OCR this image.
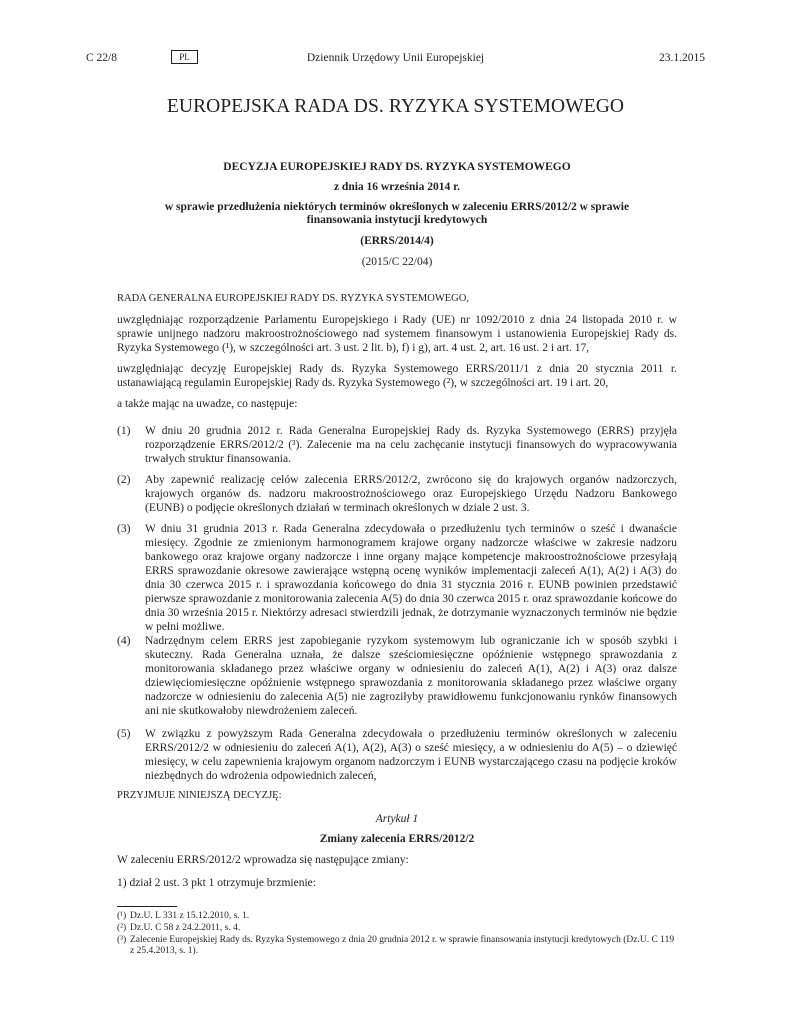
C 22/8	PL	Dziennik Urzędowy Unii Europejskiej	23.1.2015
EUROPEJSKA RADA DS. RYZYKA SYSTEMOWEGO
DECYZJA EUROPEJSKIEJ RADY DS. RYZYKA SYSTEMOWEGO
z dnia 16 września 2014 r.
w sprawie przedłużenia niektórych terminów określonych w zaleceniu ERRS/2012/2 w sprawie
finansowania instytucji kredytowych
(ERRS/2014/4)
(2015/C 22/04)
RADA GENERALNA EUROPEJSKIEJ RADY DS. RYZYKA SYSTEMOWEGO,
uwzględniając rozporządzenie Parlamentu Europejskiego i Rady (UE) nr 1092/2010 z dnia 24 listopada 2010 r. w sprawie unijnego nadzoru makroostrożnościowego nad systemem finansowym i ustanowienia Europejskiej Rady ds. Ryzyka Systemowego (¹), w szczególności art. 3 ust. 2 lit. b), f) i g), art. 4 ust. 2, art. 16 ust. 2 i art. 17,
uwzględniając decyzję Europejskiej Rady ds. Ryzyka Systemowego ERRS/2011/1 z dnia 20 stycznia 2011 r. ustanawiającą regulamin Europejskiej Rady ds. Ryzyka Systemowego (²), w szczególności art. 19 i art. 20,
a także mając na uwadze, co następuje:
(1) W dniu 20 grudnia 2012 r. Rada Generalna Europejskiej Rady ds. Ryzyka Systemowego (ERRS) przyjęła rozporządzenie ERRS/2012/2 (³). Zalecenie ma na celu zachęcanie instytucji finansowych do wypracowywania trwałych struktur finansowania.
(2) Aby zapewnić realizację celów zalecenia ERRS/2012/2, zwrócono się do krajowych organów nadzorczych, krajowych organów ds. nadzoru makroostrożnościowego oraz Europejskiego Urzędu Nadzoru Bankowego (EUNB) o podjęcie określonych działań w terminach określonych w dziale 2 ust. 3.
(3) W dniu 31 grudnia 2013 r. Rada Generalna zdecydowała o przedłużeniu tych terminów o sześć i dwanaście miesięcy. Zgodnie ze zmienionym harmonogramem krajowe organy nadzorcze właściwe w zakresie nadzoru bankowego oraz krajowe organy nadzorcze i inne organy mające kompetencje makroostrożnościowe przesyłają ERRS sprawozdanie okresowe zawierające wstępną ocenę wyników implementacji zaleceń A(1), A(2) i A(3) do dnia 30 czerwca 2015 r. i sprawozdania końcowego do dnia 31 stycznia 2016 r. EUNB powinien przedstawić pierwsze sprawozdanie z monitorowania zalecenia A(5) do dnia 30 czerwca 2015 r. oraz sprawozdanie końcowe do dnia 30 września 2015 r. Niektórzy adresaci stwierdzili jednak, że dotrzymanie wyznaczonych terminów nie będzie w pełni możliwe.
(4) Nadrzędnym celem ERRS jest zapobieganie ryzykom systemowym lub ograniczanie ich w sposób szybki i skuteczny. Rada Generalna uznała, że dalsze sześciomiesięczne opóźnienie wstępnego sprawozdania z monitorowania składanego przez właściwe organy w odniesieniu do zaleceń A(1), A(2) i A(3) oraz dalsze dziewięciomiesięczne opóźnienie wstępnego sprawozdania z monitorowania składanego przez właściwe organy nadzorcze w odniesieniu do zalecenia A(5) nie zagroziłyby prawidłowemu funkcjonowaniu rynków finansowych ani nie skutkowałoby niewdrożeniem zaleceń.
(5) W związku z powyższym Rada Generalna zdecydowała o przedłużeniu terminów określonych w zaleceniu ERRS/2012/2 w odniesieniu do zaleceń A(1), A(2), A(3) o sześć miesięcy, a w odniesieniu do A(5) – o dziewięć miesięcy, w celu zapewnienia krajowym organom nadzorczym i EUNB wystarczającego czasu na podjęcie kroków niezbędnych do wdrożenia odpowiednich zaleceń,
PRZYJMUJE NINIEJSZĄ DECYZJĘ:
Artykuł 1
Zmiany zalecenia ERRS/2012/2
W zaleceniu ERRS/2012/2 wprowadza się następujące zmiany:
1) dział 2 ust. 3 pkt 1 otrzymuje brzmienie:
(¹) Dz.U. L 331 z 15.12.2010, s. 1.
(²) Dz.U. C 58 z 24.2.2011, s. 4.
(³) Zalecenie Europejskiej Rady ds. Ryzyka Systemowego z dnia 20 grudnia 2012 r. w sprawie finansowania instytucji kredytowych (Dz.U. C 119 z 25.4.2013, s. 1).
